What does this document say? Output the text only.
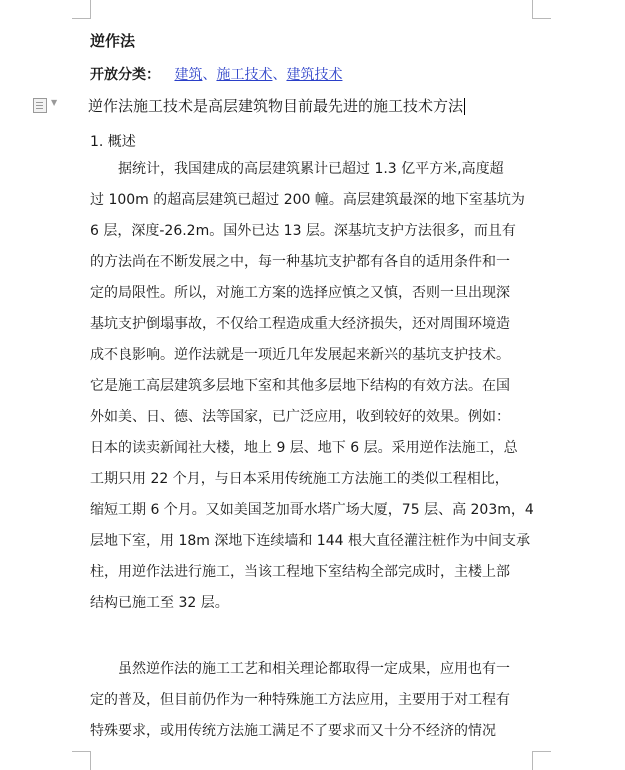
逆作法
开放分类： 建筑、施工技术、建筑技术
▼ 逆作法施工技术是高层建筑物目前最先进的施工技术方法
1. 概述

据统计，我国建成的高层建筑累计已超过 1.3 亿平方米,高度超
过 100m 的超高层建筑已超过 200 幢。高层建筑最深的地下室基坑为
6 层，深度-26.2m。国外已达 13 层。深基坑支护方法很多，而且有
的方法尚在不断发展之中，每一种基坑支护都有各自的适用条件和一
定的局限性。所以，对施工方案的选择应慎之又慎，否则一旦出现深
基坑支护倒塌事故，不仅给工程造成重大经济损失，还对周围环境造
成不良影响。逆作法就是一项近几年发展起来新兴的基坑支护技术。
它是施工高层建筑多层地下室和其他多层地下结构的有效方法。在国
外如美、日、德、法等国家，已广泛应用，收到较好的效果。例如：
日本的读卖新闻社大楼，地上 9 层、地下 6 层。采用逆作法施工，总
工期只用 22 个月，与日本采用传统施工方法施工的类似工程相比，
缩短工期 6 个月。又如美国芝加哥水塔广场大厦，75 层、高 203m，4
层地下室，用 18m 深地下连续墙和 144 根大直径灌注桩作为中间支承
柱，用逆作法进行施工，当该工程地下室结构全部完成时，主楼上部
结构已施工至 32 层。

虽然逆作法的施工工艺和相关理论都取得一定成果，应用也有一
定的普及，但目前仍作为一种特殊施工方法应用，主要用于对工程有
特殊要求，或用传统方法施工满足不了要求而又十分不经济的情况
